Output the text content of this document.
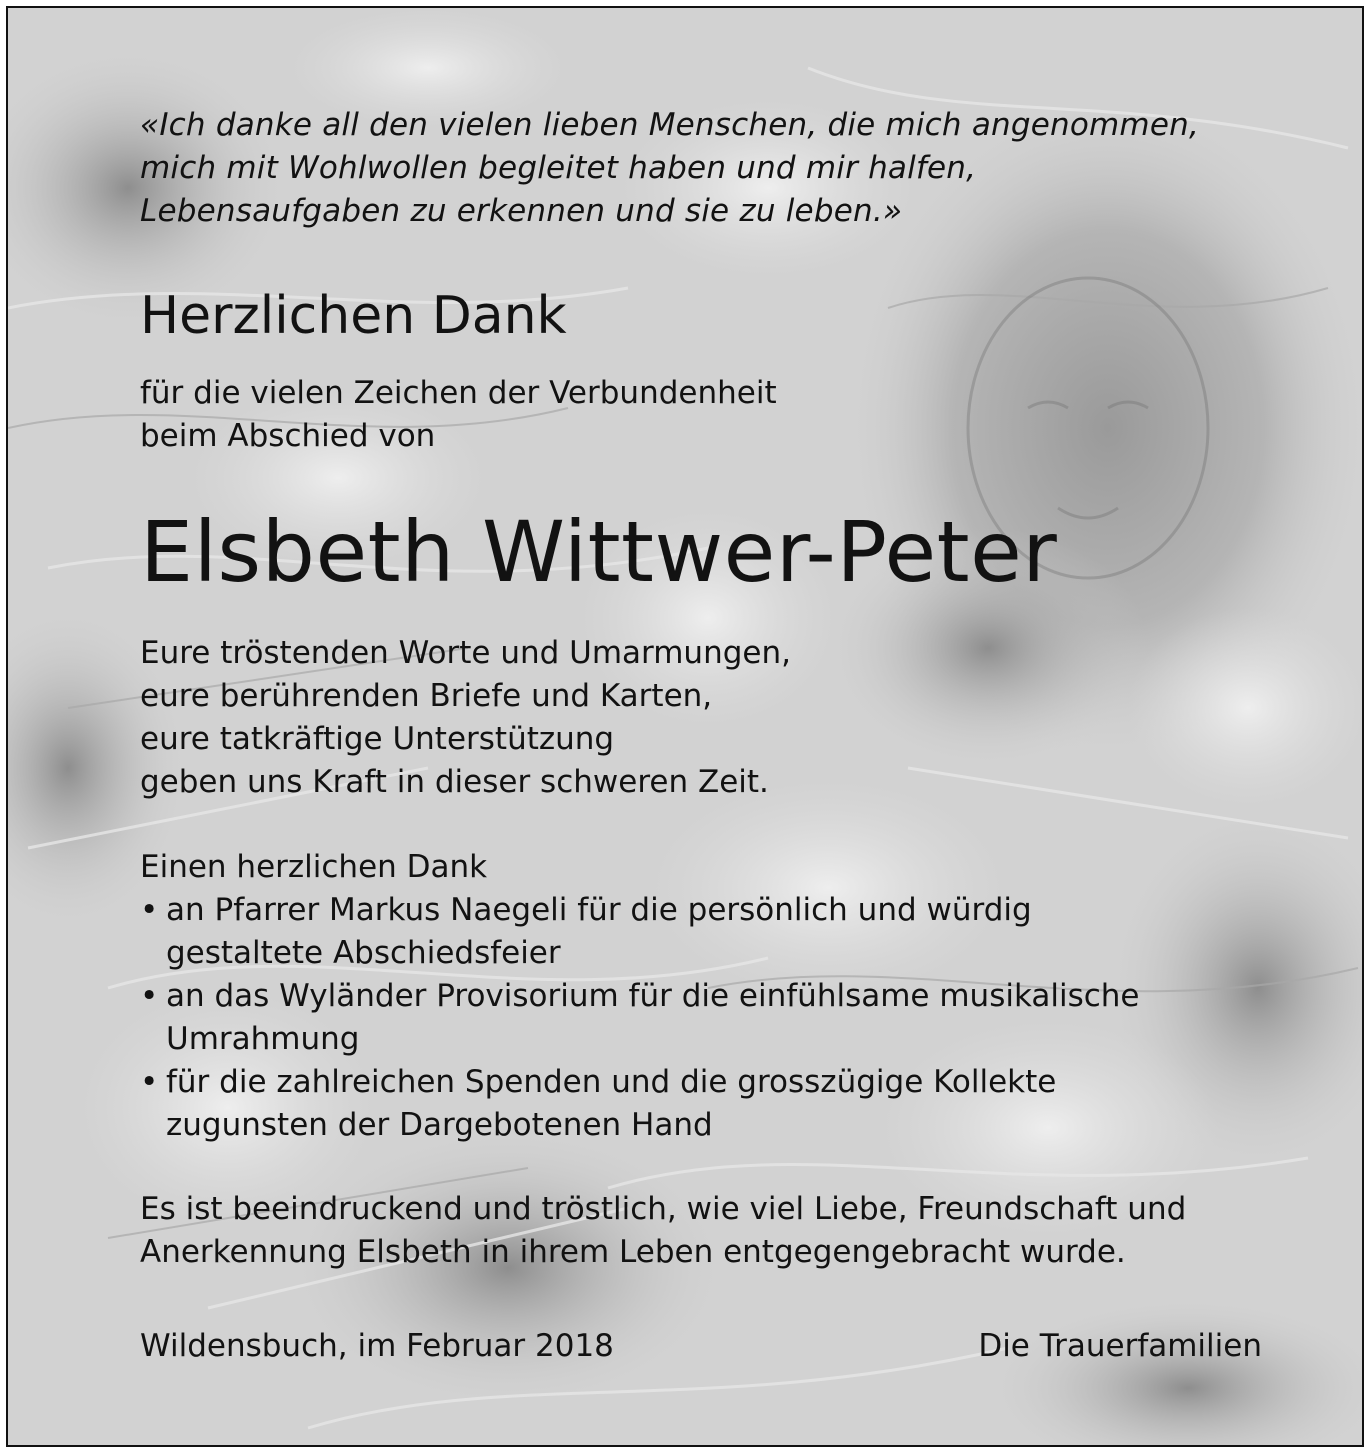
«Ich danke all den vielen lieben Menschen, die mich angenommen,
mich mit Wohlwollen begleitet haben und mir halfen,
Lebensaufgaben zu erkennen und sie zu leben.»
Herzlichen Dank
für die vielen Zeichen der Verbundenheit
beim Abschied von
Elsbeth Wittwer-Peter
Eure tröstenden Worte und Umarmungen,
eure berührenden Briefe und Karten,
eure tatkräftige Unterstützung
geben uns Kraft in dieser schweren Zeit.
Einen herzlichen Dank
• an Pfarrer Markus Naegeli für die persönlich und würdig
gestaltete Abschiedsfeier
• an das Wyländer Provisorium für die einfühlsame musikalische
Umrahmung
• für die zahlreichen Spenden und die grosszügige Kollekte
zugunsten der Dargebotenen Hand
Es ist beeindruckend und tröstlich, wie viel Liebe, Freundschaft und
Anerkennung Elsbeth in ihrem Leben entgegengebracht wurde.
Wildensbuch, im Februar 2018	Die Trauerfamilien
